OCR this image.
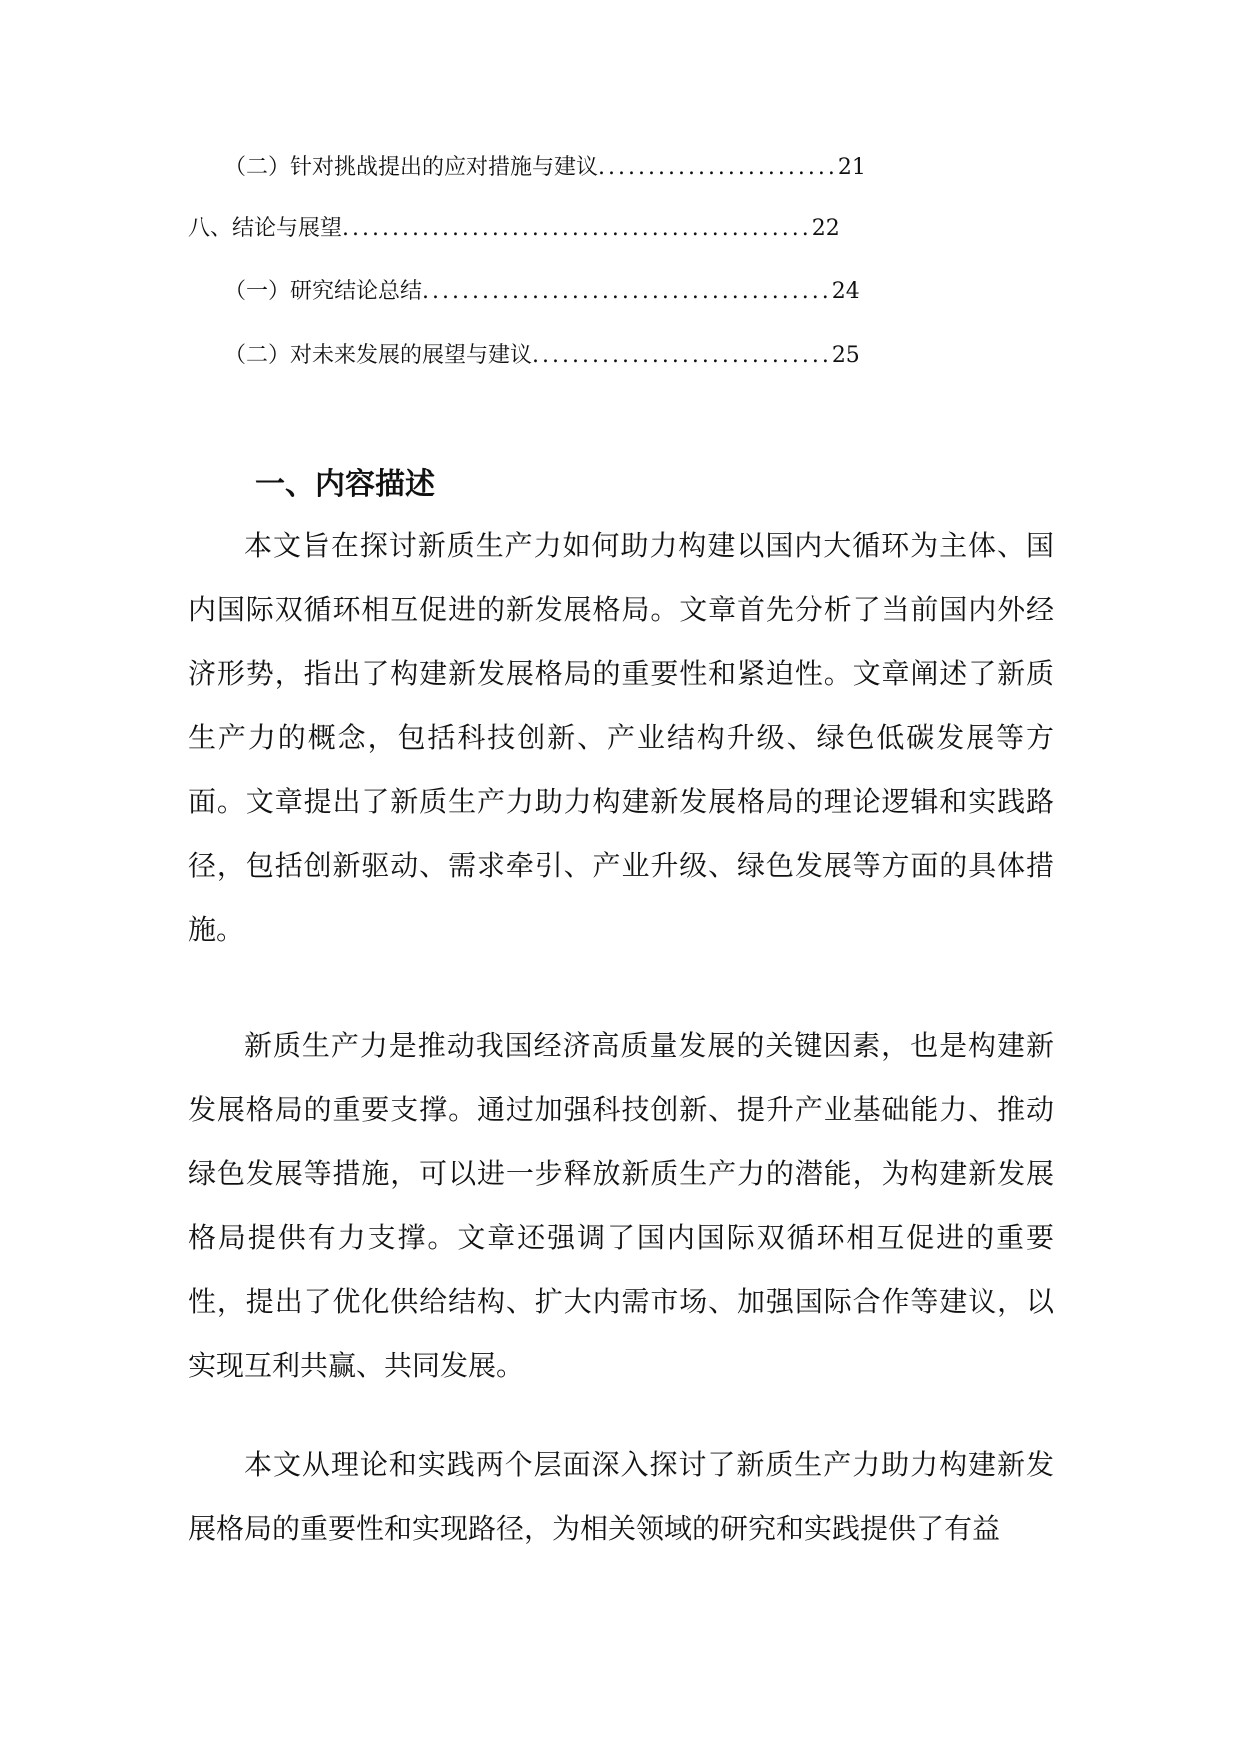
（二）针对挑战提出的应对措施与建议........................21
八、结论与展望...............................................22
（一）研究结论总结.........................................24
（二）对未来发展的展望与建议..............................25
一、内容描述

本文旨在探讨新质生产力如何助力构建以国内大循环为主体、国内国际双循环相互促进的新发展格局。文章首先分析了当前国内外经济形势，指出了构建新发展格局的重要性和紧迫性。文章阐述了新质生产力的概念，包括科技创新、产业结构升级、绿色低碳发展等方面。文章提出了新质生产力助力构建新发展格局的理论逻辑和实践路径，包括创新驱动、需求牵引、产业升级、绿色发展等方面的具体措施。

新质生产力是推动我国经济高质量发展的关键因素，也是构建新发展格局的重要支撑。通过加强科技创新、提升产业基础能力、推动绿色发展等措施，可以进一步释放新质生产力的潜能，为构建新发展格局提供有力支撑。文章还强调了国内国际双循环相互促进的重要性，提出了优化供给结构、扩大内需市场、加强国际合作等建议，以实现互利共赢、共同发展。

本文从理论和实践两个层面深入探讨了新质生产力助力构建新发展格局的重要性和实现路径，为相关领域的研究和实践提供了有益
